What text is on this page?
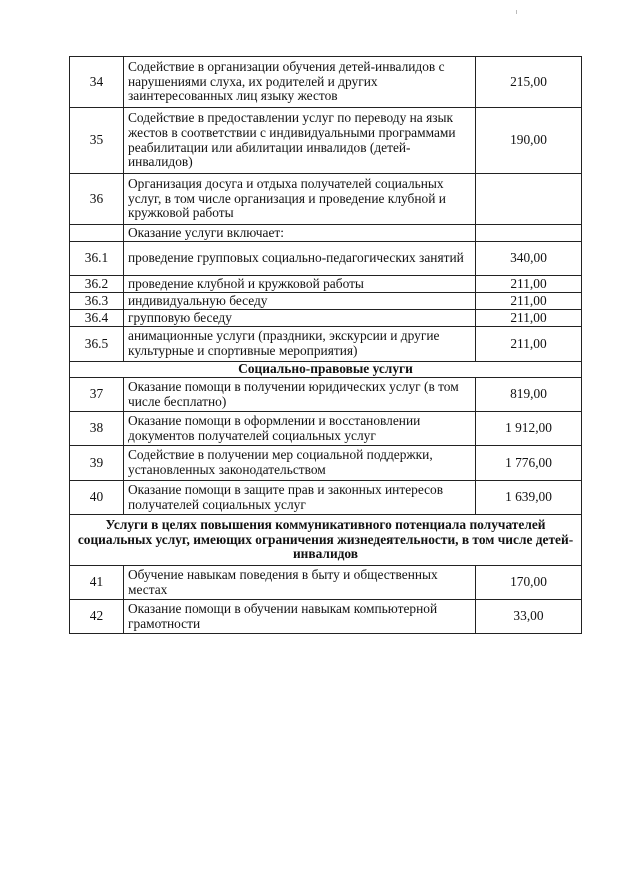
34	Содействие в организации обучения детей-инвалидов с нарушениями слуха, их родителей и других заинтересованных лиц языку жестов	215,00
35	Содействие в предоставлении услуг по переводу на язык жестов в соответствии с индивидуальными программами реабилитации или абилитации инвалидов (детей-инвалидов)	190,00
36	Организация досуга и отдыха получателей социальных услуг, в том числе организация и проведение клубной и кружковой работы	
	Оказание услуги включает:	
36.1	проведение групповых социально-педагогических занятий	340,00
36.2	проведение клубной и кружковой работы	211,00
36.3	индивидуальную беседу	211,00
36.4	групповую беседу	211,00
36.5	анимационные услуги (праздники, экскурсии и другие культурные и спортивные мероприятия)	211,00
Социально-правовые услуги		
37	Оказание помощи в получении юридических услуг (в том числе бесплатно)	819,00
38	Оказание помощи в оформлении и восстановлении документов получателей социальных услуг	1 912,00
39	Содействие в получении мер социальной поддержки, установленных законодательством	1 776,00
40	Оказание помощи в защите прав и законных интересов получателей социальных услуг	1 639,00
Услуги в целях повышения коммуникативного потенциала получателей социальных услуг, имеющих ограничения жизнедеятельности, в том числе детей-инвалидов		
41	Обучение навыкам поведения в быту и общественных местах	170,00
42	Оказание помощи в обучении навыкам компьютерной грамотности	33,00
